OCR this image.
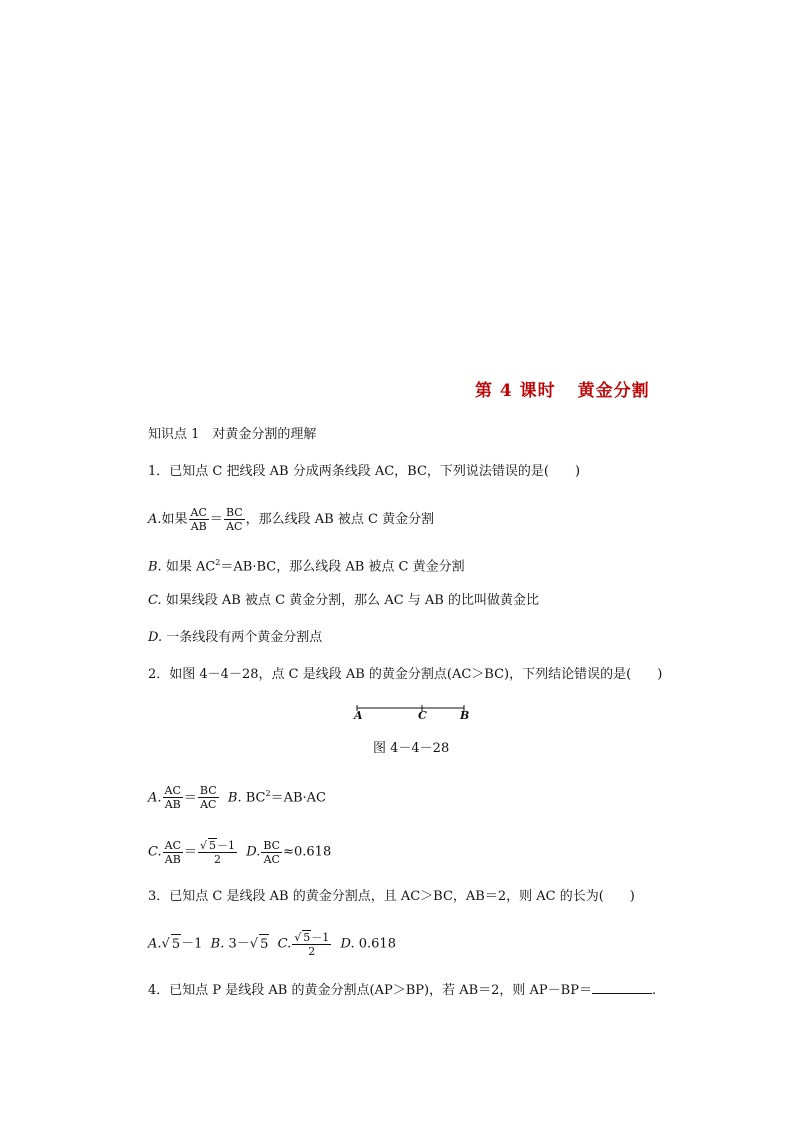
第 4 课时 黄金分割
知识点 1　对黄金分割的理解
1．已知点 C 把线段 AB 分成两条线段 AC，BC，下列说法错误的是(　　)
A.如果 $\frac{AC}{AB} = \frac{BC}{AC}$ ，那么线段 AB 被点 C 黄金分割
B. 如果 $AC^2=AB\cdot BC$，那么线段 AB 被点 C 黄金分割
C. 如果线段 AB 被点 C 黄金分割，那么 AC 与 AB 的比叫做黄金比
D. 一条线段有两个黄金分割点
2．如图 4－4－28，点 C 是线段 AB 的黄金分割点(AC＞BC)，下列结论错误的是(　　)
A	C	B
图 4－4－28
A. $\frac{AC}{AB} = \frac{BC}{AC} B$. $BC^2=AB\cdot AC$
C. $\frac{AC}{AB} = \frac{√ 5-1}{2} D$. $\frac{BC}{AC} \approx 0.618$
3．已知点 C 是线段 AB 的黄金分割点，且 AC＞BC，AB＝2，则 AC 的长为(　　)
A.√ 5－1 B. 3－√ 5 C. $\frac{√ 5-1}{2} D$. 0.618
4．已知点 P 是线段 AB 的黄金分割点(AP＞BP)，若 AB＝2，则 AP－BP＝	.
